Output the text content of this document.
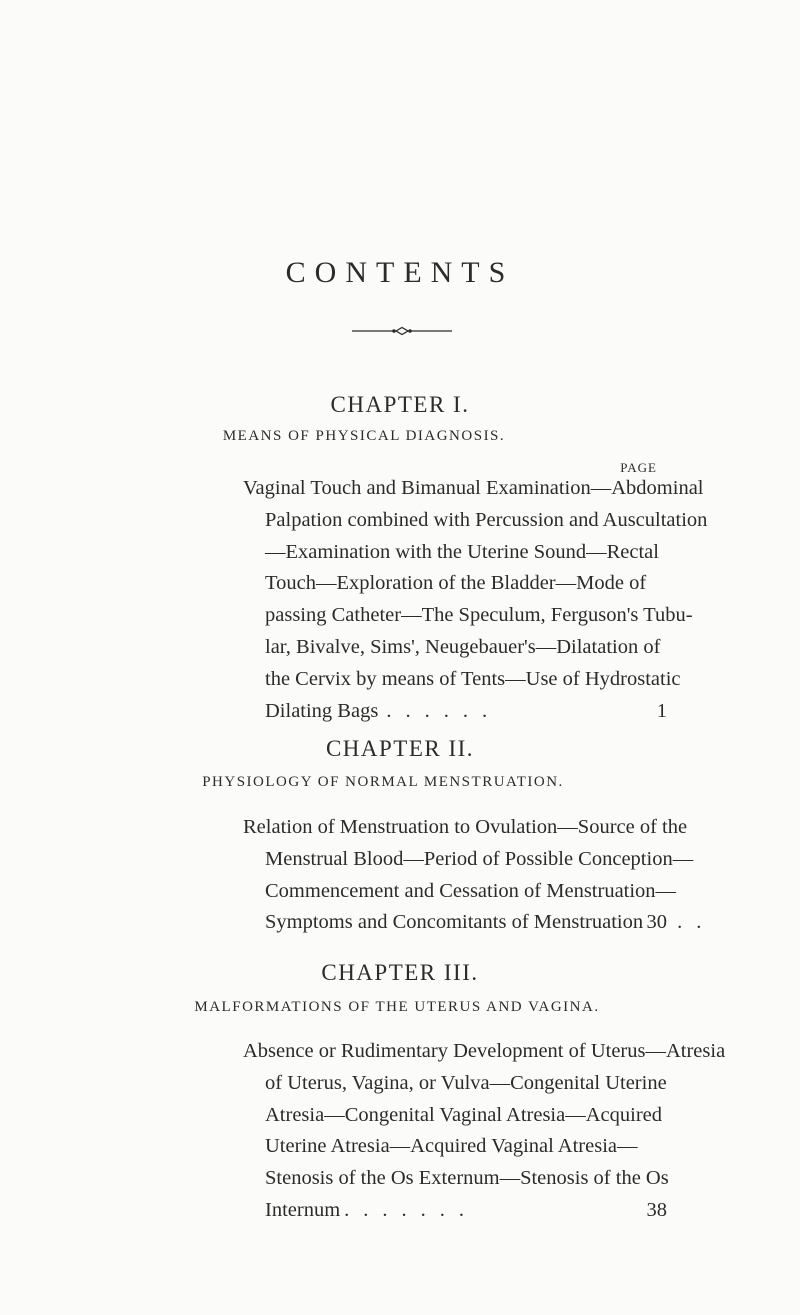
CONTENTS
CHAPTER I.
MEANS OF PHYSICAL DIAGNOSIS.
PAGE
Vaginal Touch and Bimanual Examination—Abdominal
Palpation combined with Percussion and Auscultation
—Examination with the Uterine Sound—Rectal
Touch—Exploration of the Bladder—Mode of
passing Catheter—The Speculum, Ferguson's Tubu-
lar, Bivalve, Sims', Neugebauer's—Dilatation of
the Cervix by means of Tents—Use of Hydrostatic
Dilating Bags ......	1
CHAPTER II.
PHYSIOLOGY OF NORMAL MENSTRUATION.
Relation of Menstruation to Ovulation—Source of the
Menstrual Blood—Period of Possible Conception—
Commencement and Cessation of Menstruation—
Symptoms and Concomitants of Menstruation ..
30
CHAPTER III.
MALFORMATIONS OF THE UTERUS AND VAGINA.
Absence or Rudimentary Development of Uterus—Atresia
of Uterus, Vagina, or Vulva—Congenital Uterine
Atresia—Congenital Vaginal Atresia—Acquired
Uterine Atresia—Acquired Vaginal Atresia—
Stenosis of the Os Externum—Stenosis of the Os
Internum .......	38
